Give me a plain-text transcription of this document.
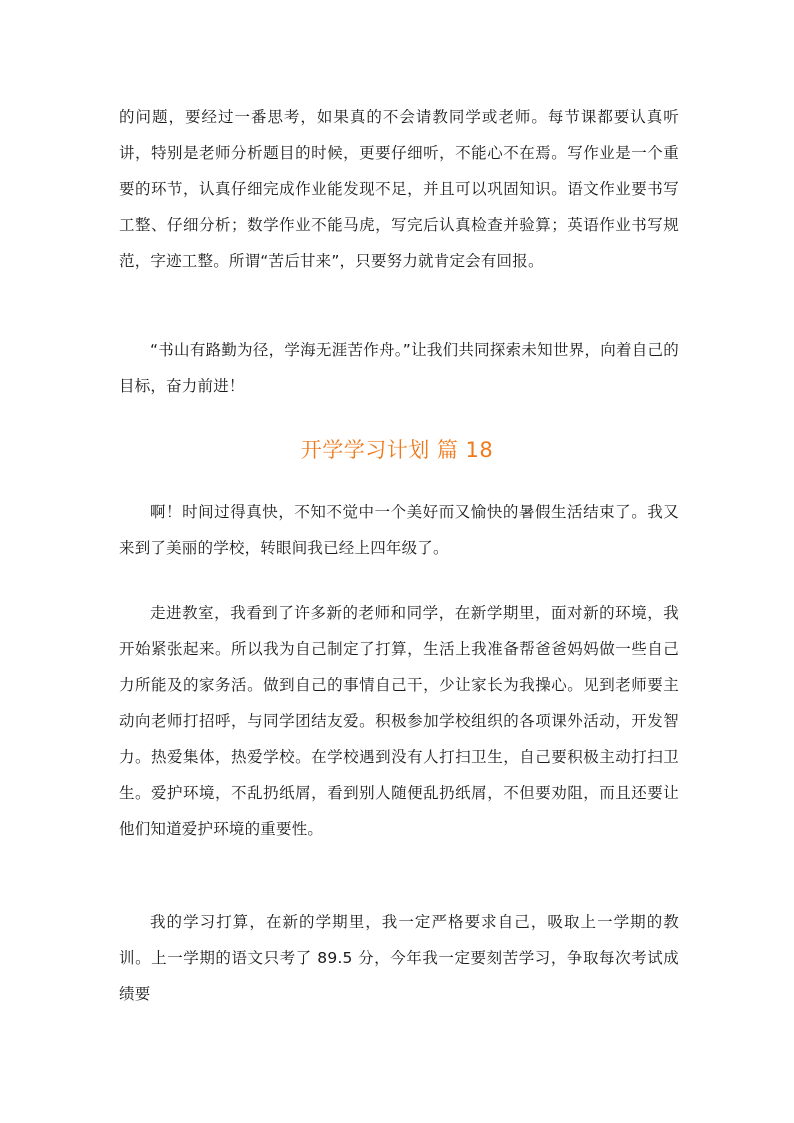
的问题，要经过一番思考，如果真的不会请教同学或老师。每节课都要认真听讲，特别是老师分析题目的时候，更要仔细听，不能心不在焉。写作业是一个重要的环节，认真仔细完成作业能发现不足，并且可以巩固知识。语文作业要书写工整、仔细分析；数学作业不能马虎，写完后认真检查并验算；英语作业书写规范，字迹工整。所谓“苦后甘来”，只要努力就肯定会有回报。

“书山有路勤为径，学海无涯苦作舟。”让我们共同探索未知世界，向着自己的目标，奋力前进！

开学学习计划 篇 18

啊！时间过得真快，不知不觉中一个美好而又愉快的暑假生活结束了。我又来到了美丽的学校，转眼间我已经上四年级了。

走进教室，我看到了许多新的老师和同学，在新学期里，面对新的环境，我开始紧张起来。所以我为自己制定了打算，生活上我准备帮爸爸妈妈做一些自己力所能及的家务活。做到自己的事情自己干，少让家长为我操心。见到老师要主动向老师打招呼，与同学团结友爱。积极参加学校组织的各项课外活动，开发智力。热爱集体，热爱学校。在学校遇到没有人打扫卫生，自己要积极主动打扫卫生。爱护环境，不乱扔纸屑，看到别人随便乱扔纸屑，不但要劝阻，而且还要让他们知道爱护环境的重要性。

我的学习打算，在新的学期里，我一定严格要求自己，吸取上一学期的教训。上一学期的语文只考了 89.5 分，今年我一定要刻苦学习，争取每次考试成绩要
